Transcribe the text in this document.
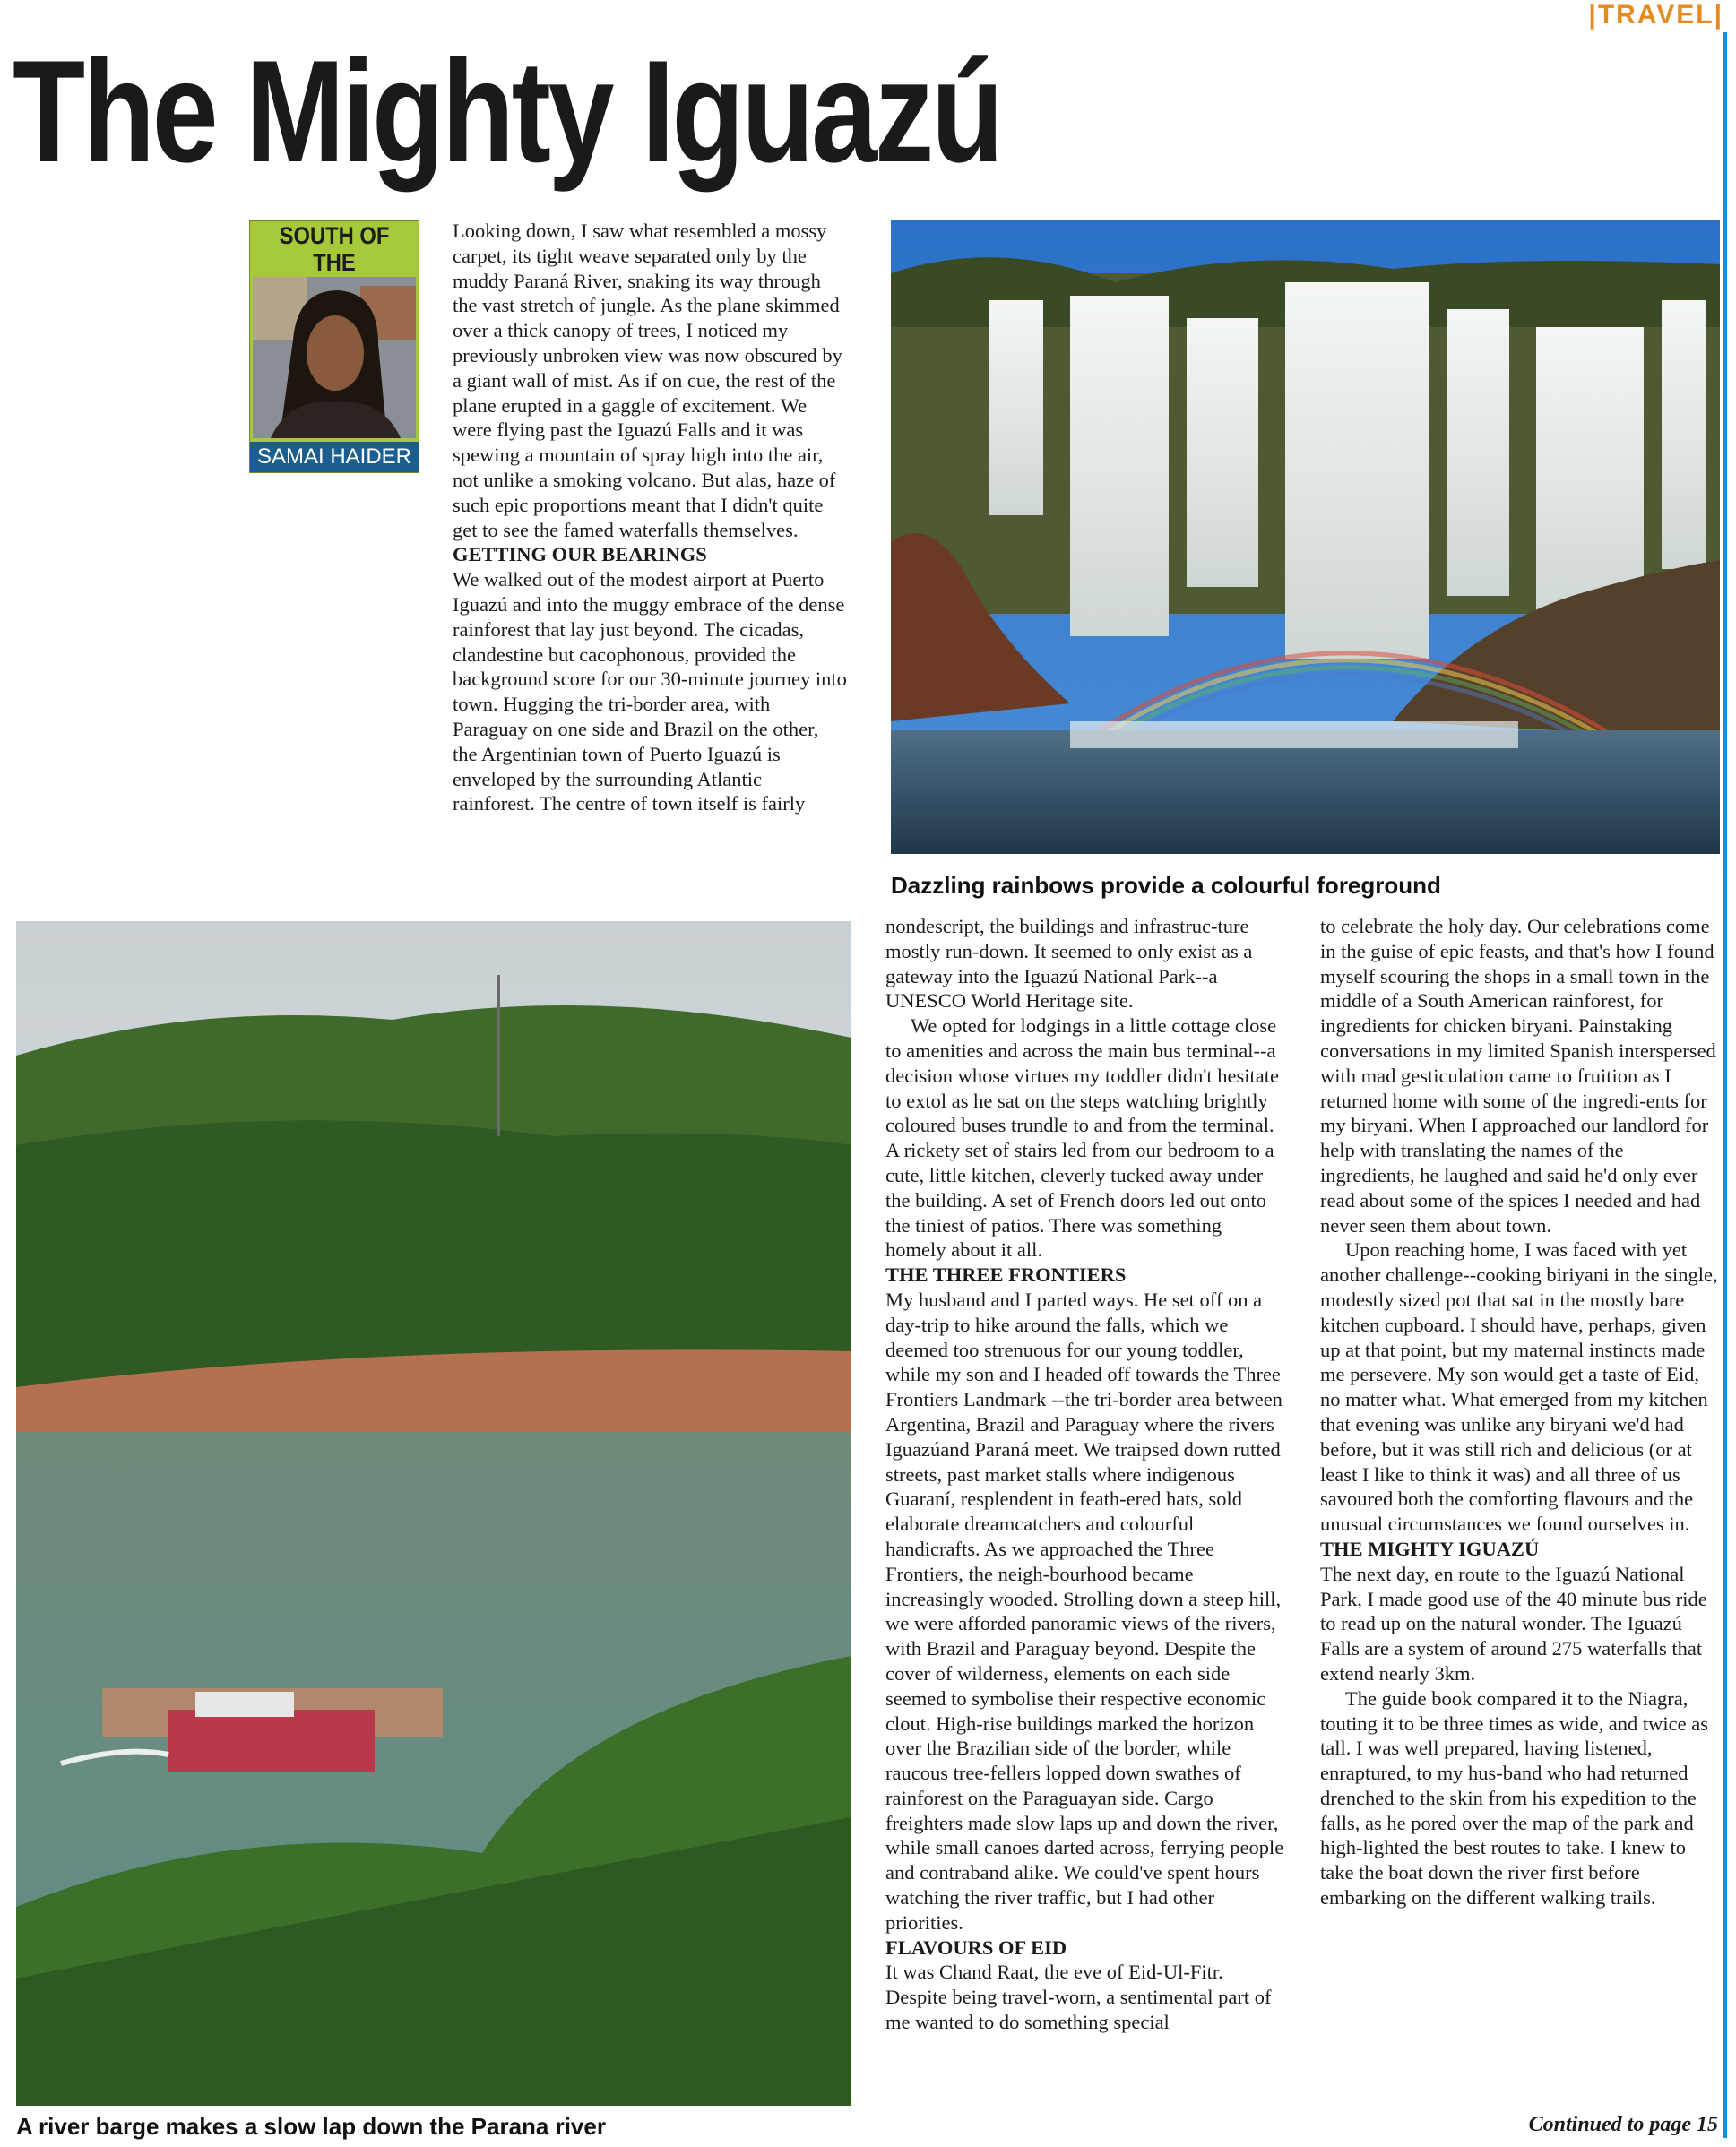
|TRAVEL|
The Mighty Iguazú

SOUTH OF

THE

SAMAI HAIDER

Looking down, I saw what resembled a mossy carpet, its tight weave separated only by the muddy Paraná River, snaking its way through the vast stretch of jungle. As the plane skimmed over a thick canopy of trees, I noticed my previously unbroken view was now obscured by a giant wall of mist. As if on cue, the rest of the plane erupted in a gaggle of excitement. We were flying past the Iguazú Falls and it was spewing a mountain of spray high into the air, not unlike a smoking volcano. But alas, haze of such epic proportions meant that I didn't quite get to see the famed waterfalls themselves.

GETTING OUR BEARINGS

We walked out of the modest airport at Puerto Iguazú and into the muggy embrace of the dense rainforest that lay just beyond. The cicadas, clandestine but cacophonous, provided the background score for our 30-minute journey into town. Hugging the tri-border area, with Paraguay on one side and Brazil on the other, the Argentinian town of Puerto Iguazú is enveloped by the surrounding Atlantic rainforest. The centre of town itself is fairly

Dazzling rainbows provide a colourful foreground

A river barge makes a slow lap down the Parana river

nondescript, the buildings and infrastruc-ture mostly run-down. It seemed to only exist as a gateway into the Iguazú National Park--a UNESCO World Heritage site.

We opted for lodgings in a little cottage close to amenities and across the main bus terminal--a decision whose virtues my toddler didn't hesitate to extol as he sat on the steps watching brightly coloured buses trundle to and from the terminal. A rickety set of stairs led from our bedroom to a cute, little kitchen, cleverly tucked away under the building. A set of French doors led out onto the tiniest of patios. There was something homely about it all.

THE THREE FRONTIERS

My husband and I parted ways. He set off on a day-trip to hike around the falls, which we deemed too strenuous for our young toddler, while my son and I headed off towards the Three Frontiers Landmark --the tri-border area between Argentina, Brazil and Paraguay where the rivers Iguazúand Paraná meet. We traipsed down rutted streets, past market stalls where indigenous Guaraní, resplendent in feath-ered hats, sold elaborate dreamcatchers and colourful handicrafts. As we approached the Three Frontiers, the neigh-bourhood became increasingly wooded. Strolling down a steep hill, we were afforded panoramic views of the rivers, with Brazil and Paraguay beyond. Despite the cover of wilderness, elements on each side seemed to symbolise their respective economic clout. High-rise buildings marked the horizon over the Brazilian side of the border, while raucous tree-fellers lopped down swathes of rainforest on the Paraguayan side. Cargo freighters made slow laps up and down the river, while small canoes darted across, ferrying people and contraband alike. We could've spent hours watching the river traffic, but I had other priorities.

FLAVOURS OF EID

It was Chand Raat, the eve of Eid-Ul-Fitr. Despite being travel-worn, a sentimental part of me wanted to do something special

to celebrate the holy day. Our celebrations come in the guise of epic feasts, and that's how I found myself scouring the shops in a small town in the middle of a South American rainforest, for ingredients for chicken biryani. Painstaking conversations in my limited Spanish interspersed with mad gesticulation came to fruition as I returned home with some of the ingredi-ents for my biryani. When I approached our landlord for help with translating the names of the ingredients, he laughed and said he'd only ever read about some of the spices I needed and had never seen them about town.

Upon reaching home, I was faced with yet another challenge--cooking biriyani in the single, modestly sized pot that sat in the mostly bare kitchen cupboard. I should have, perhaps, given up at that point, but my maternal instincts made me persevere. My son would get a taste of Eid, no matter what. What emerged from my kitchen that evening was unlike any biryani we'd had before, but it was still rich and delicious (or at least I like to think it was) and all three of us savoured both the comforting flavours and the unusual circumstances we found ourselves in.

THE MIGHTY IGUAZÚ

The next day, en route to the Iguazú National Park, I made good use of the 40 minute bus ride to read up on the natural wonder. The Iguazú Falls are a system of around 275 waterfalls that extend nearly 3km.

The guide book compared it to the Niagra, touting it to be three times as wide, and twice as tall. I was well prepared, having listened, enraptured, to my hus-band who had returned drenched to the skin from his expedition to the falls, as he pored over the map of the park and high-lighted the best routes to take. I knew to take the boat down the river first before embarking on the different walking trails.

Continued to page 15
